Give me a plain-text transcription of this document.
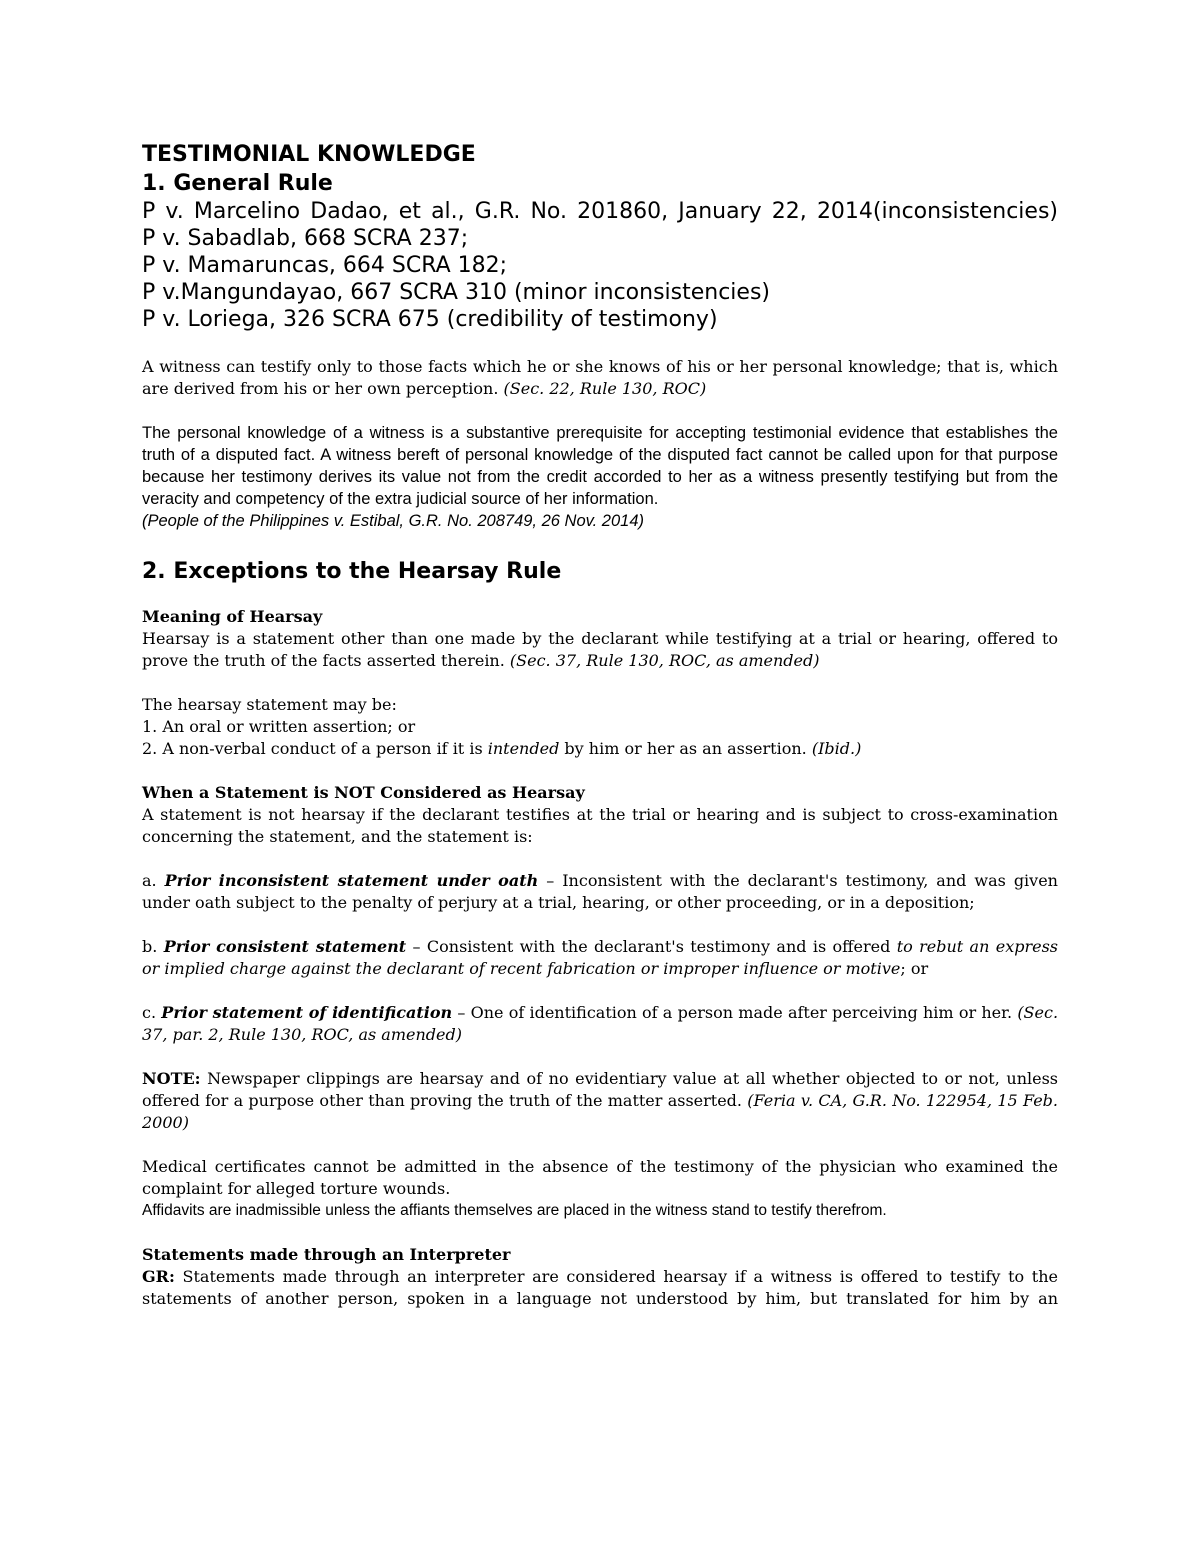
TESTIMONIAL KNOWLEDGE

1. General Rule

P v. Marcelino Dadao, et al., G.R. No. 201860, January 22, 2014(inconsistencies)

P v. Sabadlab, 668 SCRA 237;

P v. Mamaruncas, 664 SCRA 182;

P v.Mangundayao, 667 SCRA 310 (minor inconsistencies)

P v. Loriega, 326 SCRA 675 (credibility of testimony)

A witness can testify only to those facts which he or she knows of his or her personal knowledge; that is, which are derived from his or her own perception. (Sec. 22, Rule 130, ROC)

The personal knowledge of a witness is a substantive prerequisite for accepting testimonial evidence that establishes the truth of a disputed fact. A witness bereft of personal knowledge of the disputed fact cannot be called upon for that purpose because her testimony derives its value not from the credit accorded to her as a witness presently testifying but from the veracity and competency of the extra judicial source of her information.
(People of the Philippines v. Estibal, G.R. No. 208749, 26 Nov. 2014)

2. Exceptions to the Hearsay Rule

Meaning of Hearsay

Hearsay is a statement other than one made by the declarant while testifying at a trial or hearing, offered to prove the truth of the facts asserted therein. (Sec. 37, Rule 130, ROC, as amended)

The hearsay statement may be:

1. An oral or written assertion; or

2. A non-verbal conduct of a person if it is intended by him or her as an assertion. (Ibid.)

When a Statement is NOT Considered as Hearsay

A statement is not hearsay if the declarant testifies at the trial or hearing and is subject to cross-examination concerning the statement, and the statement is:

a. Prior inconsistent statement under oath – Inconsistent with the declarant's testimony, and was given under oath subject to the penalty of perjury at a trial, hearing, or other proceeding, or in a deposition;

b. Prior consistent statement – Consistent with the declarant's testimony and is offered to rebut an express or implied charge against the declarant of recent fabrication or improper influence or motive; or

c. Prior statement of identification – One of identification of a person made after perceiving him or her. (Sec. 37, par. 2, Rule 130, ROC, as amended)

NOTE: Newspaper clippings are hearsay and of no evidentiary value at all whether objected to or not, unless offered for a purpose other than proving the truth of the matter asserted. (Feria v. CA, G.R. No. 122954, 15 Feb. 2000)

Medical certificates cannot be admitted in the absence of the testimony of the physician who examined the complaint for alleged torture wounds.

Affidavits are inadmissible unless the affiants themselves are placed in the witness stand to testify therefrom.

Statements made through an Interpreter

GR: Statements made through an interpreter are considered hearsay if a witness is offered to testify to the statements of another person, spoken in a language not understood by him, but translated for him by an
